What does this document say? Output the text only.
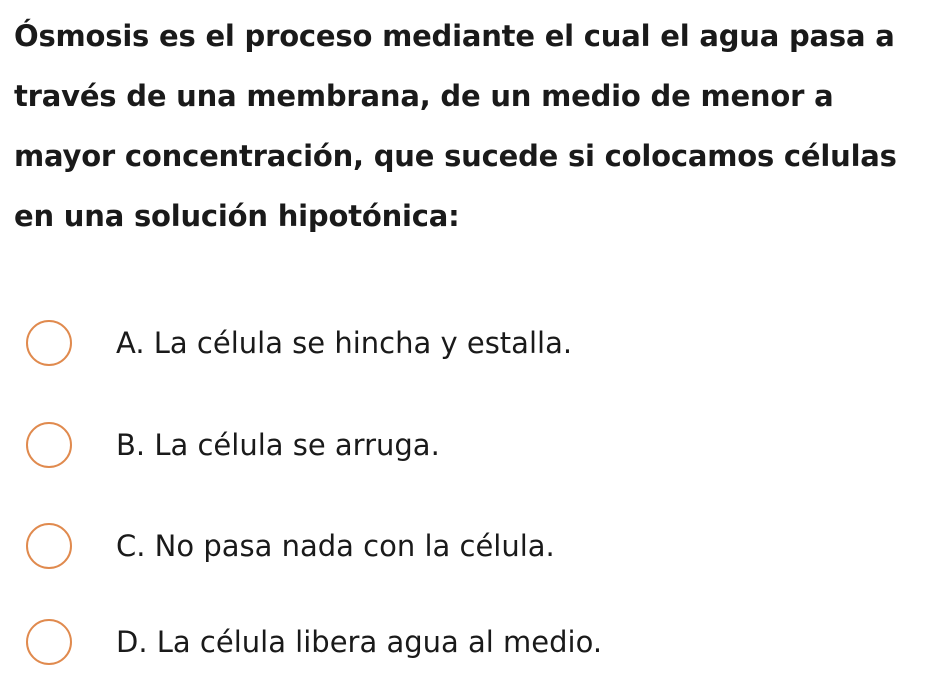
Ósmosis es el proceso mediante el cual el agua pasa a través de una membrana, de un medio de menor a mayor concentración, que sucede si colocamos células en una solución hipotónica:

A. La célula se hincha y estalla.
B. La célula se arruga.
C. No pasa nada con la célula.
D. La célula libera agua al medio.
